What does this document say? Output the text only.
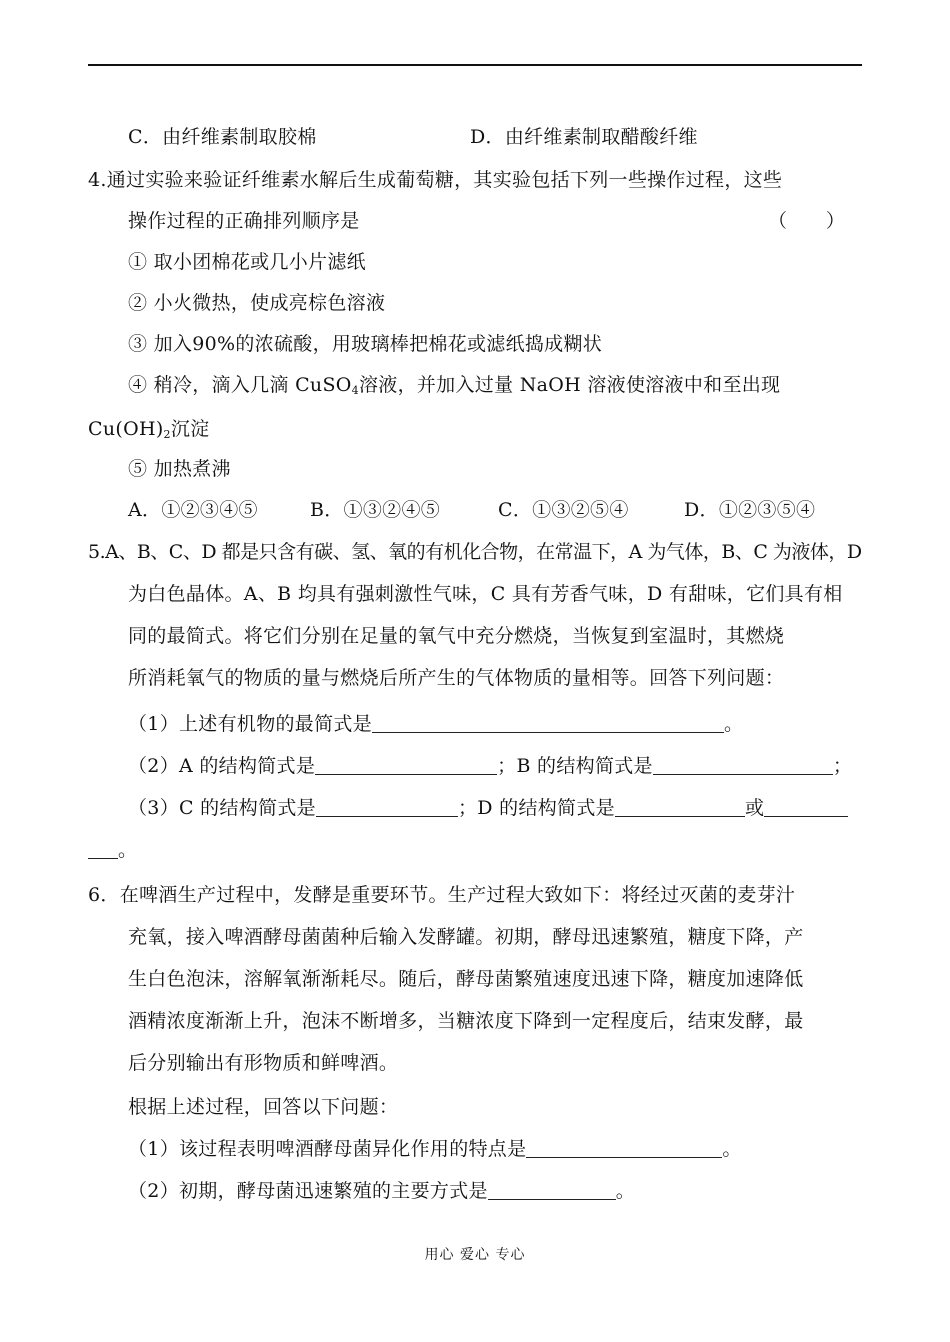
C．由纤维素制取胶棉	D．由纤维素制取醋酸纤维
4.通过实验来验证纤维素水解后生成葡萄糖，其实验包括下列一些操作过程，这些
操作过程的正确排列顺序是	（　　）
① 取小团棉花或几小片滤纸
② 小火微热，使成亮棕色溶液
③ 加入90%的浓硫酸，用玻璃棒把棉花或滤纸捣成糊状
④ 稍冷，滴入几滴 CuSO$_4$溶液，并加入过量 NaOH 溶液使溶液中和至出现
$Cu(OH)_2$沉淀
⑤ 加热煮沸
A．①②③④⑤	B．①③②④⑤	C．①③②⑤④	D．①②③⑤④
5.A、B、C、D 都是只含有碳、氢、氧的有机化合物，在常温下，A 为气体，B、C 为液体，D
为白色晶体。A、B 均具有强刺激性气味，C 具有芳香气味，D 有甜味，它们具有相
同的最简式。将它们分别在足量的氧气中充分燃烧，当恢复到室温时，其燃烧
所消耗氧气的物质的量与燃烧后所产生的气体物质的量相等。回答下列问题：
（1）上述有机物的最简式是	。
（2）A 的结构简式是	；B 的结构简式是	；
（3）C 的结构简式是	；D 的结构简式是	或
。
6．在啤酒生产过程中，发酵是重要环节。生产过程大致如下：将经过灭菌的麦芽汁
充氧，接入啤酒酵母菌菌种后输入发酵罐。初期，酵母迅速繁殖，糖度下降，产
生白色泡沫，溶解氧渐渐耗尽。随后，酵母菌繁殖速度迅速下降，糖度加速降低
酒精浓度渐渐上升，泡沫不断增多，当糖浓度下降到一定程度后，结束发酵，最
后分别输出有形物质和鲜啤酒。
根据上述过程，回答以下问题：
（1）该过程表明啤酒酵母菌异化作用的特点是	。
（2）初期，酵母菌迅速繁殖的主要方式是	。
用心 爱心 专心
